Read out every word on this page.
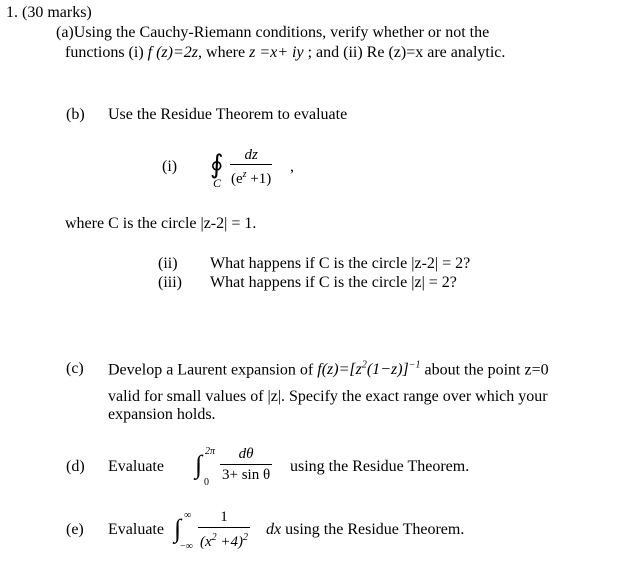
1. (30 marks)
(a)Using the Cauchy-Riemann conditions, verify whether or not the
functions (i) f (z)=2z, where z =x+ iy ; and (ii) Re (z)=x are analytic.
(b) Use the Residue Theorem to evaluate
(i) ∮
C $\frac{dz}{(e^z +1)}$ ,
where C is the circle |z-2| = 1.
(ii) What happens if C is the circle |z-2| = 2?
(iii) What happens if C is the circle |z| = 2?
(c) Develop a Laurent expansion of $f(z)=[z^2(1-z)]^{-1}$ about the point z=0
valid for small values of |z|. Specify the exact range over which your
expansion holds.
(d) Evaluate ∫ 2π
$0 \frac{d\theta}{\text{3+ sin θ}}$ using the Residue Theorem.
(e) Evaluate ∫ ∞
−∞ $\frac{1}{(x^2 +4)^2}$ dx using the Residue Theorem.
